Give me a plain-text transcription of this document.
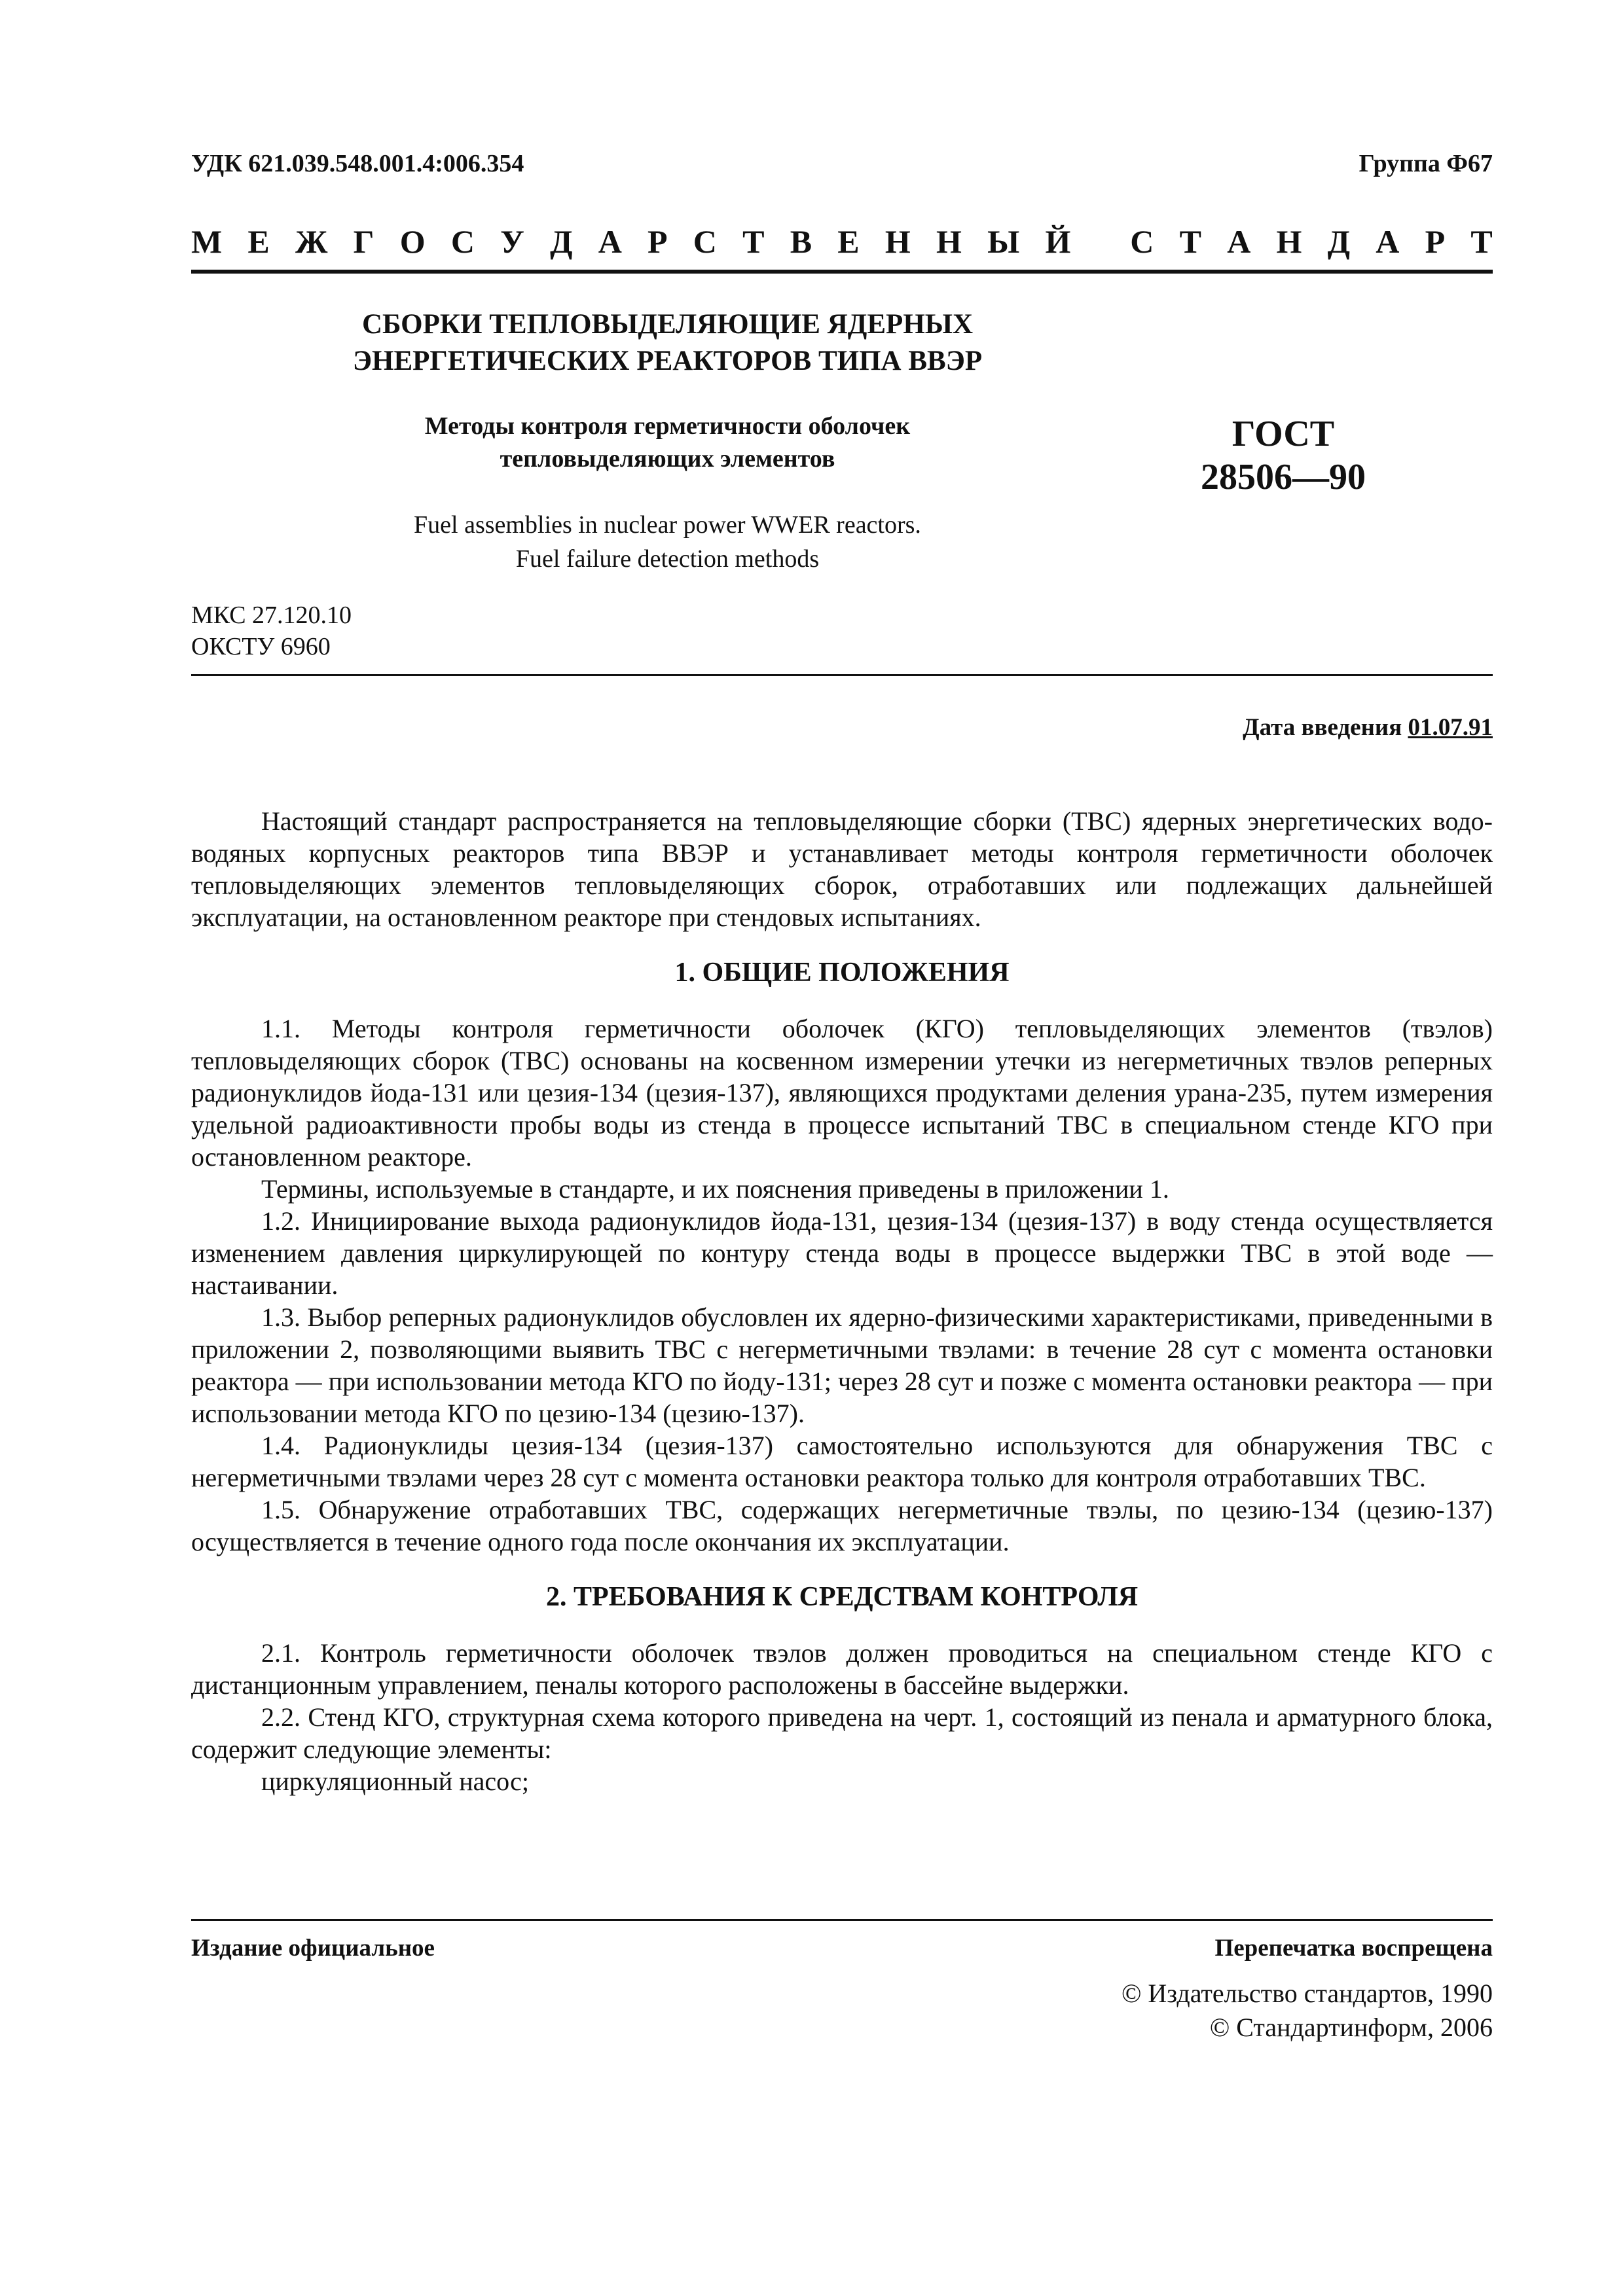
УДК 621.039.548.001.4:006.354	Группа Ф67
М Е Ж Г О С У Д А Р С Т В Е Н Н Ы Й
С Т А Н Д А Р Т
СБОРКИ ТЕПЛОВЫДЕЛЯЮЩИЕ ЯДЕРНЫХ
ЭНЕРГЕТИЧЕСКИХ РЕАКТОРОВ ТИПА ВВЭР
Методы контроля герметичности оболочек
тепловыделяющих элементов
ГОСТ
28506—90
Fuel assemblies in nuclear power WWER reactors.
Fuel failure detection methods
МКС 27.120.10
ОКСТУ 6960
Дата введения 01.07.91

Настоящий стандарт распространяется на тепловыделяющие сборки (ТВС) ядерных энергетических водо-водяных корпусных реакторов типа ВВЭР и устанавливает методы контроля герметичности оболочек тепловыделяющих элементов тепловыделяющих сборок, отработавших или подлежащих дальнейшей эксплуатации, на остановленном реакторе при стендовых испытаниях.

1. ОБЩИЕ ПОЛОЖЕНИЯ

1.1. Методы контроля герметичности оболочек (КГО) тепловыделяющих элементов (твэлов) тепловыделяющих сборок (ТВС) основаны на косвенном измерении утечки из негерметичных твэлов реперных радионуклидов йода-131 или цезия-134 (цезия-137), являющихся продуктами деления урана-235, путем измерения удельной радиоактивности пробы воды из стенда в процессе испытаний ТВС в специальном стенде КГО при остановленном реакторе.

Термины, используемые в стандарте, и их пояснения приведены в приложении 1.

1.2. Инициирование выхода радионуклидов йода-131, цезия-134 (цезия-137) в воду стенда осуществляется изменением давления циркулирующей по контуру стенда воды в процессе выдержки ТВС в этой воде — настаивании.

1.3. Выбор реперных радионуклидов обусловлен их ядерно-физическими характеристиками, приведенными в приложении 2, позволяющими выявить ТВС с негерметичными твэлами: в течение 28 сут с момента остановки реактора — при использовании метода КГО по йоду-131; через 28 сут и позже с момента остановки реактора — при использовании метода КГО по цезию-134 (цезию-137).

1.4. Радионуклиды цезия-134 (цезия-137) самостоятельно используются для обнаружения ТВС с негерметичными твэлами через 28 сут с момента остановки реактора только для контроля отработавших ТВС.

1.5. Обнаружение отработавших ТВС, содержащих негерметичные твэлы, по цезию-134 (цезию-137) осуществляется в течение одного года после окончания их эксплуатации.

2. ТРЕБОВАНИЯ К СРЕДСТВАМ КОНТРОЛЯ

2.1. Контроль герметичности оболочек твэлов должен проводиться на специальном стенде КГО с дистанционным управлением, пеналы которого расположены в бассейне выдержки.

2.2. Стенд КГО, структурная схема которого приведена на черт. 1, состоящий из пенала и арматурного блока, содержит следующие элементы:

циркуляционный насос;

Издание официальное	Перепечатка воспрещена
© Издательство стандартов, 1990
© Стандартинформ, 2006
